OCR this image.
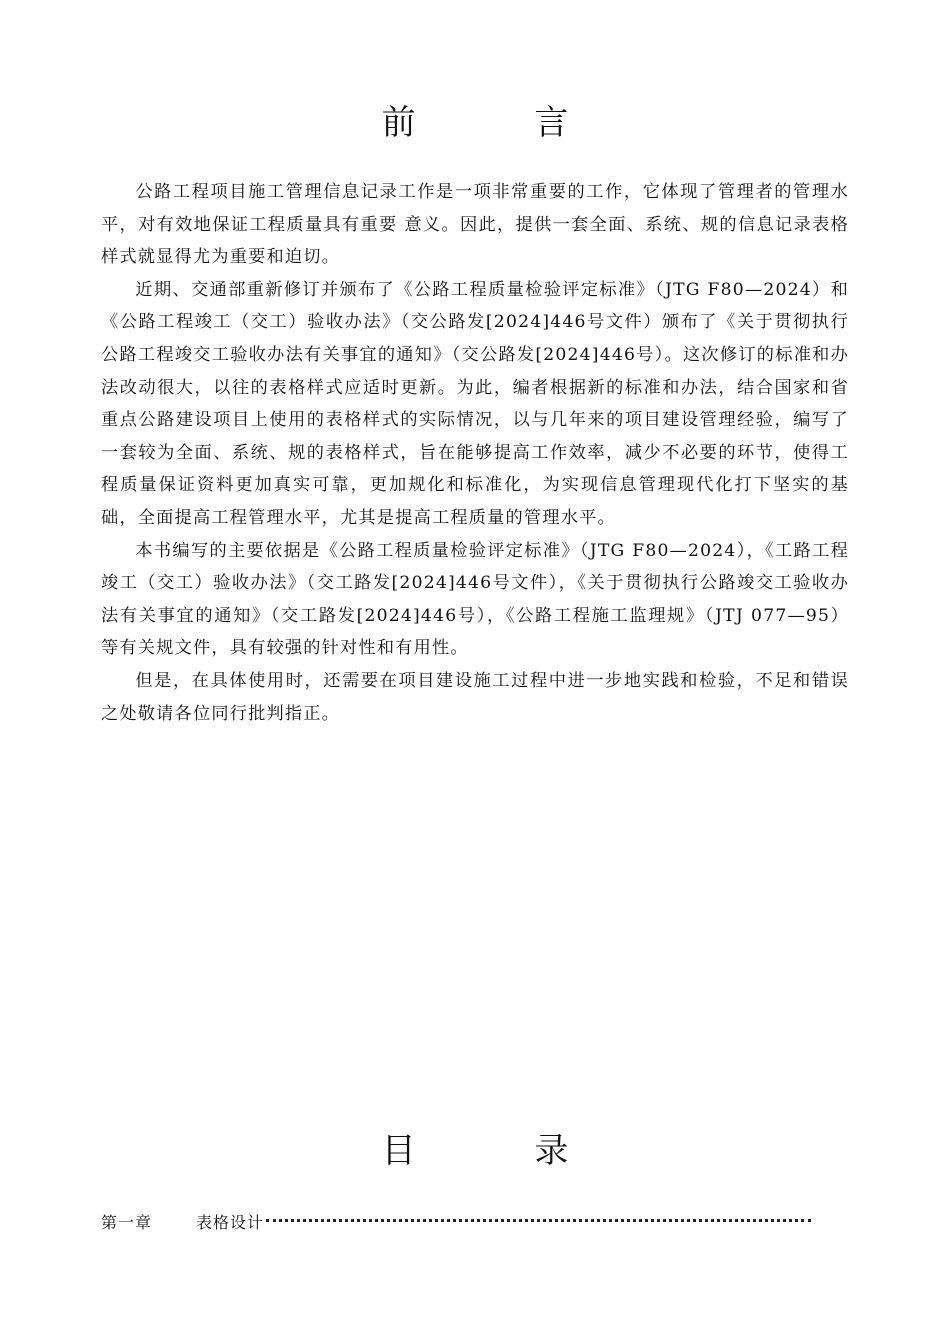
前 言

公路工程项目施工管理信息记录工作是一项非常重要的工作，它体现了管理者的管理水平，对有效地保证工程质量具有重要 意义。因此，提供一套全面、系统、规的信息记录表格样式就显得尤为重要和迫切。

近期、交通部重新修订并颁布了《公路工程质量检验评定标准》（JTG F80—2024）和《公路工程竣工（交工）验收办法》（交公路发[2024]446号文件）颁布了《关于贯彻执行公路工程竣交工验收办法有关事宜的通知》（交公路发[2024]446号）。这次修订的标准和办法改动很大，以往的表格样式应适时更新。为此，编者根据新的标准和办法，结合国家和省重点公路建设项目上使用的表格样式的实际情况，以与几年来的项目建设管理经验，编写了一套较为全面、系统、规的表格样式，旨在能够提高工作效率，减少不必要的环节，使得工程质量保证资料更加真实可靠，更加规化和标准化，为实现信息管理现代化打下坚实的基础，全面提高工程管理水平，尤其是提高工程质量的管理水平。

本书编写的主要依据是《公路工程质量检验评定标准》（JTG F80—2024），《工路工程竣工（交工）验收办法》（交工路发[2024]446号文件），《关于贯彻执行公路竣交工验收办法有关事宜的通知》（交工路发[2024]446号），《公路工程施工监理规》（JTJ 077—95）等有关规文件，具有较强的针对性和有用性。

但是，在具体使用时，还需要在项目建设施工过程中进一步地实践和检验，不足和错误之处敬请各位同行批判指正。

目 录
第一章	表格设计
